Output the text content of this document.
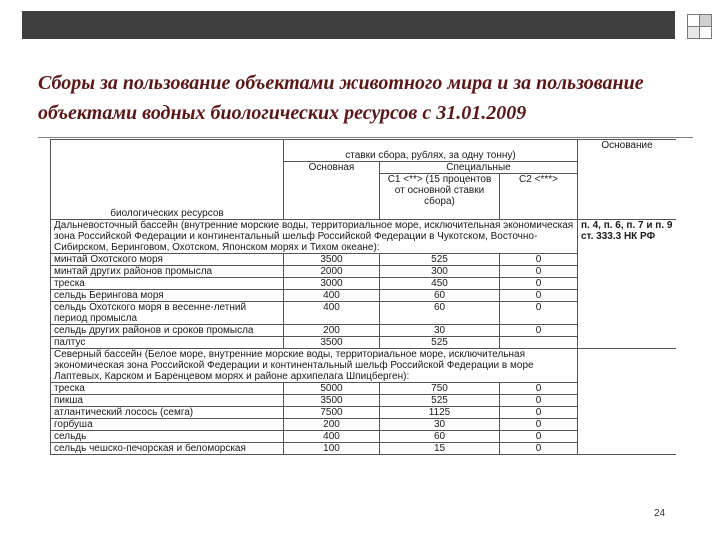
Сборы за пользование объектами животного мира и за пользование объектами водных биологических ресурсов с 31.01.2009
биологических ресурсов	ставки сбора, рублях, за одну тонну)			Основание
	Основная	Специальные		
		С1 <**> (15 процентов от основной ставки сбора)	С2 <***>	
Дальневосточный бассейн (внутренние морские воды, территориальное море, исключительная экономическая зона Российской Федерации и континентальный шельф Российской Федерации в Чукотском, Восточно-Сибирском, Беринговом, Охотском, Японском морях и Тихом океане):				п. 4, п. 6, п. 7 и п. 9 ст. 333.3 НК РФ
минтай Охотского моря	3500	525	0	
минтай других районов промысла	2000	300	0	
треска	3000	450	0	
сельдь Берингова моря	400	60	0	
сельдь Охотского моря в весенне-летний период промысла	400	60	0	
сельдь других районов и сроков промысла	200	30	0	
палтус	3500	525		
Северный бассейн (Белое море, внутренние морские воды, территориальное море, исключительная экономическая зона Российской Федерации и континентальный шельф Российской Федерации в море Лаптевых, Карском и Баренцевом морях и районе архипелага Шпицберген):				
треска	5000	750	0	
пикша	3500	525	0	
атлантический лосось (семга)	7500	1125	0	
горбуша	200	30	0	
сельдь	400	60	0	
сельдь чешско-печорская и беломорская	100	15	0	
24
